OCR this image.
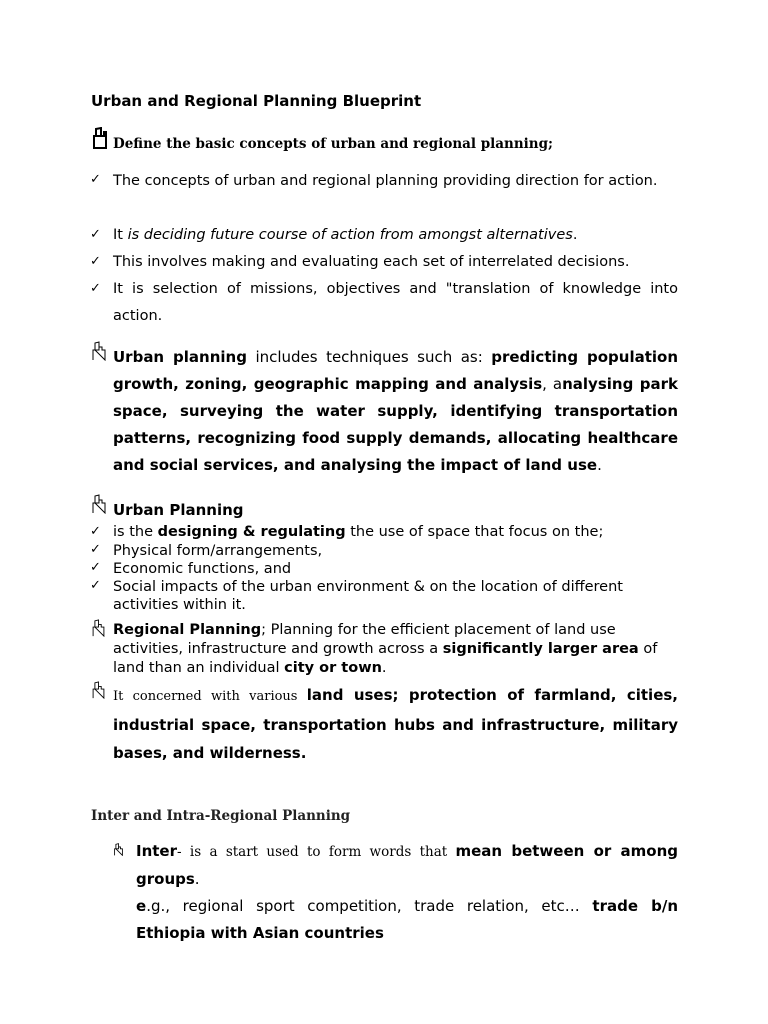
Urban and Regional Planning Blueprint
Define the basic concepts of urban and regional planning;
✓
The concepts of urban and regional planning providing direction for action.
✓
It is deciding future course of action from amongst alternatives.
✓
This involves making and evaluating each set of interrelated decisions.
✓
It is selection of missions, objectives and "translation of knowledge into action.
Urban planning includes techniques such as: predicting population growth, zoning, geographic mapping and analysis, analysing park space, surveying the water supply, identifying transportation patterns, recognizing food supply demands, allocating healthcare and social services, and analysing the impact of land use.
Urban Planning
✓
is the designing & regulating the use of space that focus on the;
✓
Physical form/arrangements,
✓
Economic functions, and
✓
Social impacts of the urban environment & on the location of different activities within it.
Regional Planning; Planning for the efficient placement of land use activities, infrastructure and growth across a significantly larger area of land than an individual city or town.
It concerned with various land uses; protection of farmland, cities, industrial space, transportation hubs and infrastructure, military bases, and wilderness.
Inter and Intra-Regional Planning
Inter- is a start used to form words that mean between or among groups.
e.g., regional sport competition, trade relation, etc… trade b/n Ethiopia with Asian countries
